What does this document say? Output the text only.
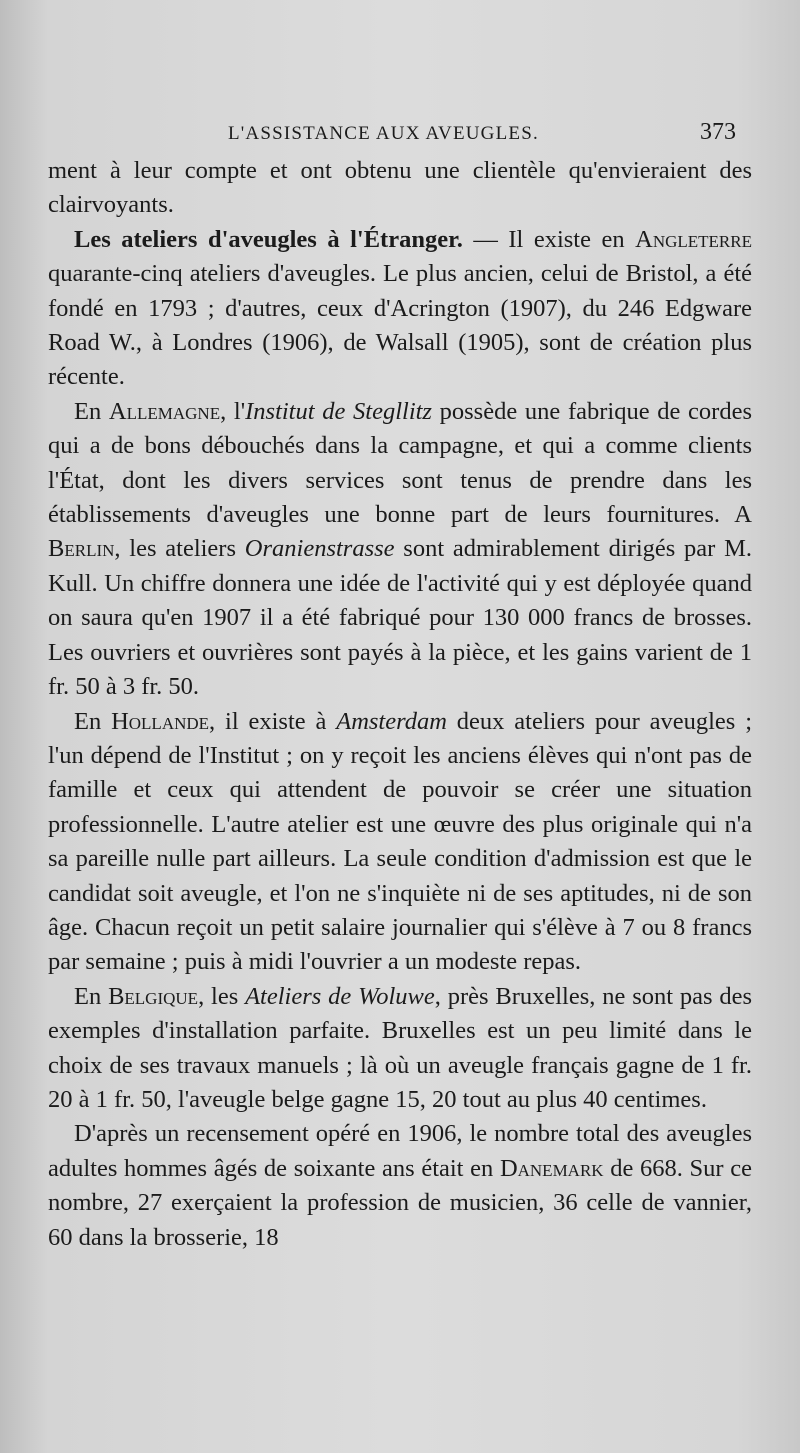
L'ASSISTANCE AUX AVEUGLES.	373

ment à leur compte et ont obtenu une clientèle qu'envieraient des clairvoyants.

Les ateliers d'aveugles à l'Étranger. — Il existe en Angleterre quarante-cinq ateliers d'aveugles. Le plus ancien, celui de Bristol, a été fondé en 1793 ; d'autres, ceux d'Acrington (1907), du 246 Edgware Road W., à Londres (1906), de Walsall (1905), sont de création plus récente.

En Allemagne, l'Institut de Stegllitz possède une fabrique de cordes qui a de bons débouchés dans la campagne, et qui a comme clients l'État, dont les divers services sont tenus de prendre dans les établissements d'aveugles une bonne part de leurs fournitures. A Berlin, les ateliers Oranienstrasse sont admirablement dirigés par M. Kull. Un chiffre donnera une idée de l'activité qui y est déployée quand on saura qu'en 1907 il a été fabriqué pour 130 000 francs de brosses. Les ouvriers et ouvrières sont payés à la pièce, et les gains varient de 1 fr. 50 à 3 fr. 50.

En Hollande, il existe à Amsterdam deux ateliers pour aveugles ; l'un dépend de l'Institut ; on y reçoit les anciens élèves qui n'ont pas de famille et ceux qui attendent de pouvoir se créer une situation professionnelle. L'autre atelier est une œuvre des plus originale qui n'a sa pareille nulle part ailleurs. La seule condition d'admission est que le candidat soit aveugle, et l'on ne s'inquiète ni de ses aptitudes, ni de son âge. Chacun reçoit un petit salaire journalier qui s'élève à 7 ou 8 francs par semaine ; puis à midi l'ouvrier a un modeste repas.

En Belgique, les Ateliers de Woluwe, près Bruxelles, ne sont pas des exemples d'installation parfaite. Bruxelles est un peu limité dans le choix de ses travaux manuels ; là où un aveugle français gagne de 1 fr. 20 à 1 fr. 50, l'aveugle belge gagne 15, 20 tout au plus 40 centimes.

D'après un recensement opéré en 1906, le nombre total des aveugles adultes hommes âgés de soixante ans était en Danemark de 668. Sur ce nombre, 27 exerçaient la profession de musicien, 36 celle de vannier, 60 dans la brosserie, 18
